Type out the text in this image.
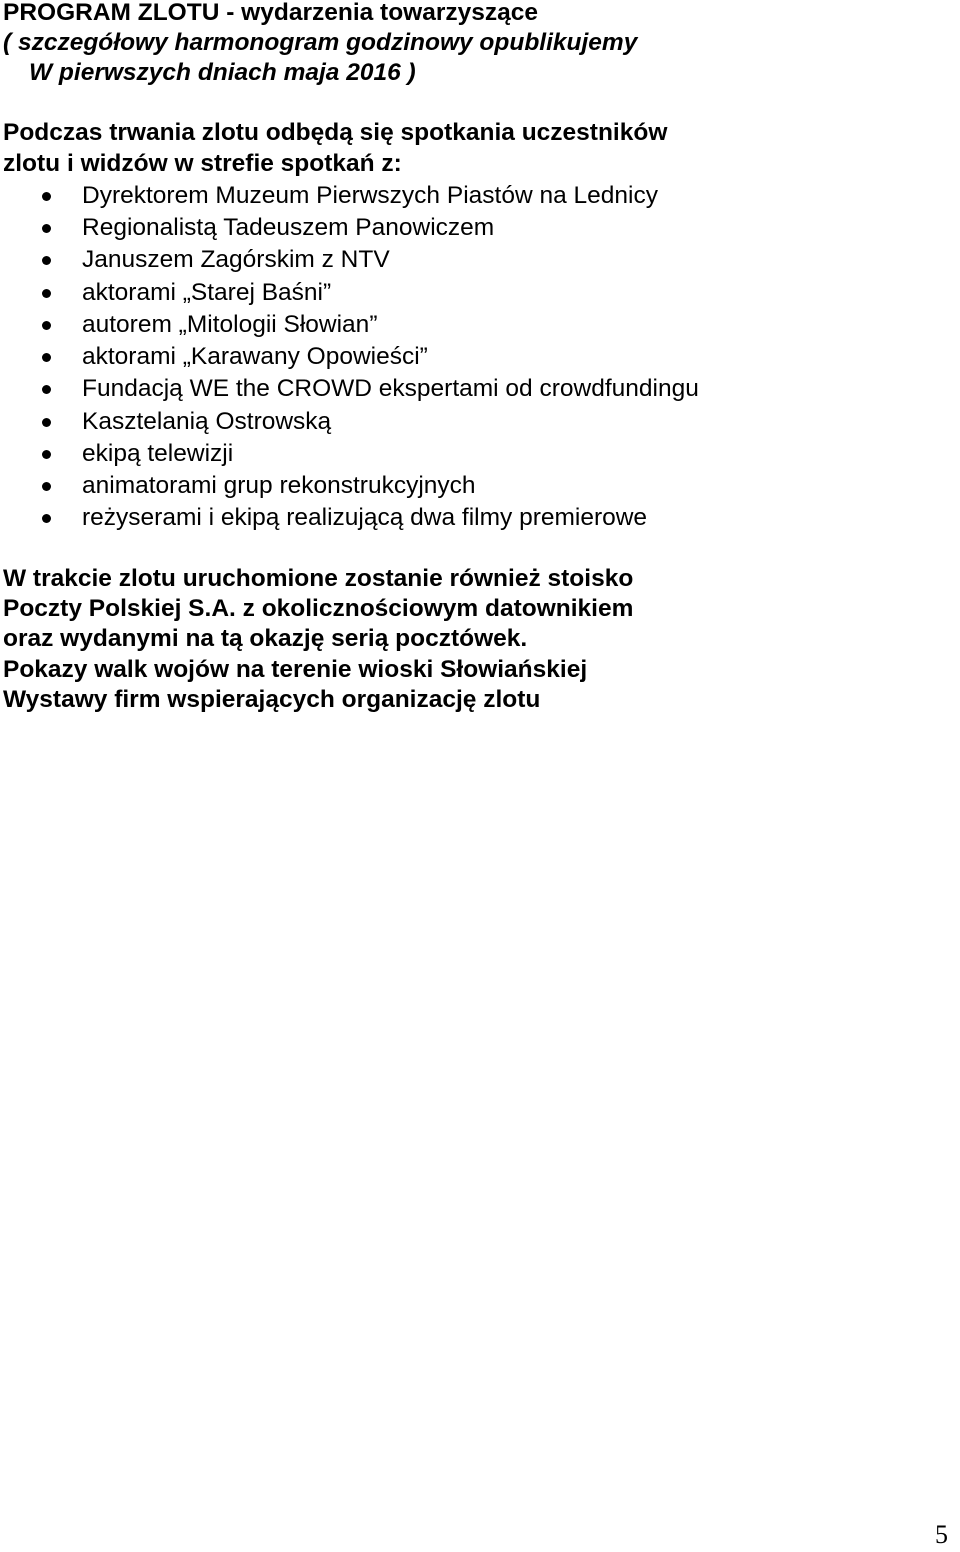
PROGRAM ZLOTU - wydarzenia towarzyszące

( szczegółowy harmonogram godzinowy opublikujemy

W pierwszych dniach maja 2016 )

Podczas trwania zlotu odbędą się spotkania uczestników

zlotu i widzów w strefie spotkań z:

Dyrektorem Muzeum Pierwszych Piastów na Lednicy

Regionalistą Tadeuszem Panowiczem

Januszem Zagórskim z NTV

aktorami „Starej Baśni”

autorem „Mitologii Słowian”

aktorami „Karawany Opowieści”

Fundacją WE the CROWD ekspertami od crowdfundingu

Kasztelanią Ostrowską

ekipą telewizji

animatorami grup rekonstrukcyjnych

reżyserami i ekipą realizującą dwa filmy premierowe

W trakcie zlotu uruchomione zostanie również stoisko

Poczty Polskiej S.A. z okolicznościowym datownikiem

oraz wydanymi na tą okazję serią pocztówek.

Pokazy walk wojów na terenie wioski Słowiańskiej

Wystawy firm wspierających organizację zlotu

5
